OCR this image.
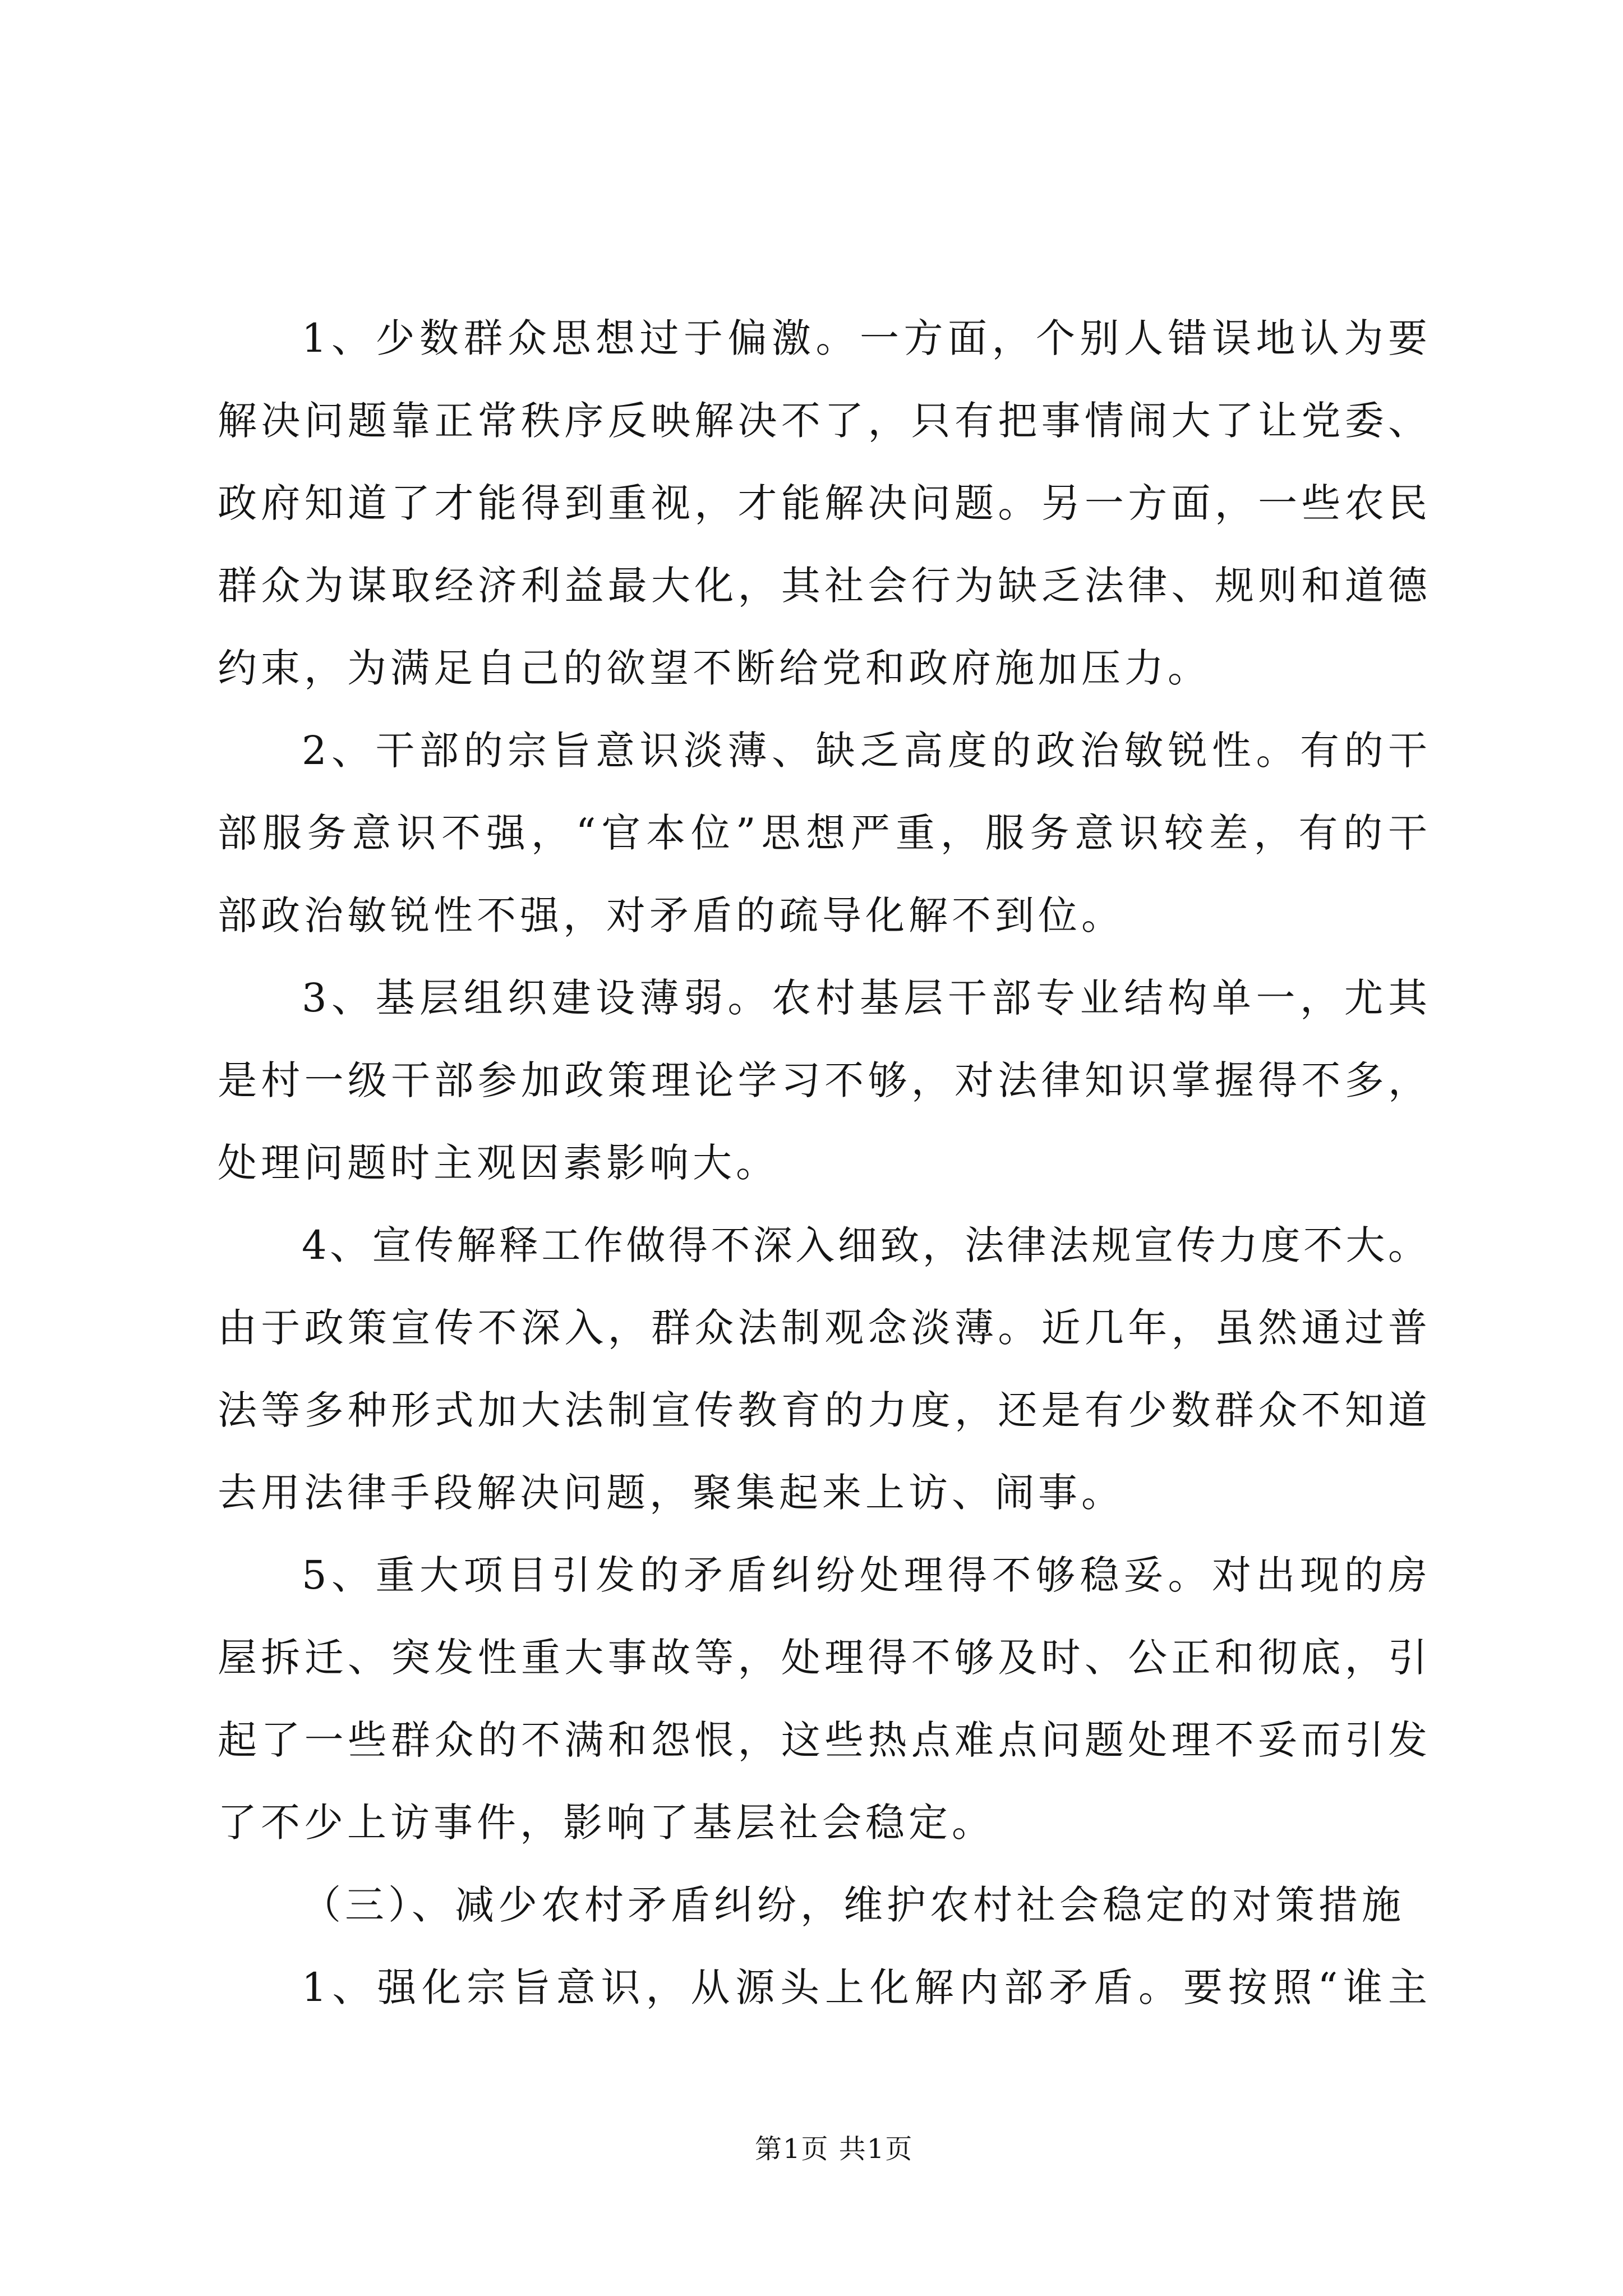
1、少数群众思想过于偏激。一方面，个别人错误地认为要
解决问题靠正常秩序反映解决不了，只有把事情闹大了让党委、
政府知道了才能得到重视，才能解决问题。另一方面，一些农民
群众为谋取经济利益最大化，其社会行为缺乏法律、规则和道德
约束，为满足自己的欲望不断给党和政府施加压力。
2、干部的宗旨意识淡薄、缺乏高度的政治敏锐性。有的干
部服务意识不强，“官本位”思想严重，服务意识较差，有的干
部政治敏锐性不强，对矛盾的疏导化解不到位。
3、基层组织建设薄弱。农村基层干部专业结构单一，尤其
是村一级干部参加政策理论学习不够，对法律知识掌握得不多，
处理问题时主观因素影响大。
4、宣传解释工作做得不深入细致，法律法规宣传力度不大。
由于政策宣传不深入，群众法制观念淡薄。近几年，虽然通过普
法等多种形式加大法制宣传教育的力度，还是有少数群众不知道
去用法律手段解决问题，聚集起来上访、闹事。
5、重大项目引发的矛盾纠纷处理得不够稳妥。对出现的房
屋拆迁、突发性重大事故等，处理得不够及时、公正和彻底，引
起了一些群众的不满和怨恨，这些热点难点问题处理不妥而引发
了不少上访事件，影响了基层社会稳定。
（三）、减少农村矛盾纠纷，维护农村社会稳定的对策措施
1、强化宗旨意识，从源头上化解内部矛盾。要按照“谁主
第1页 共1页
